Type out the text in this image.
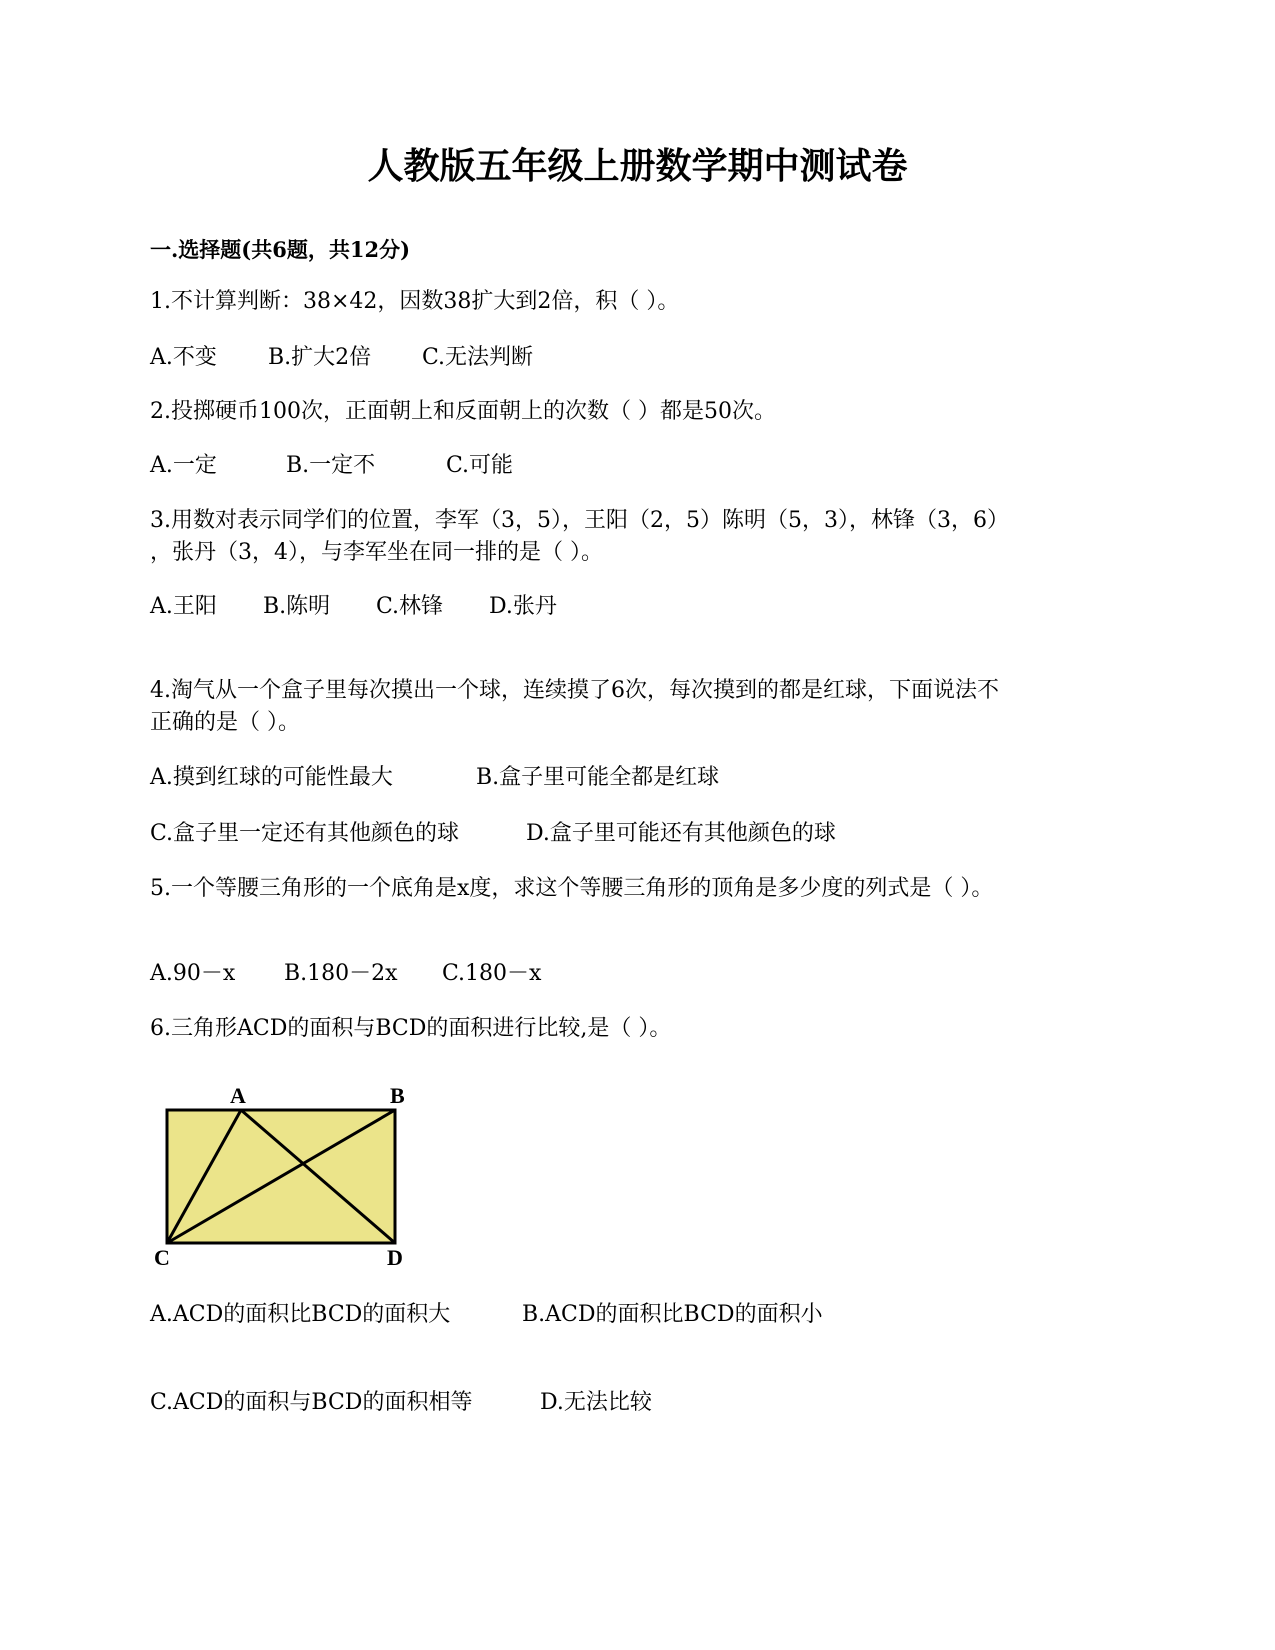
人教版五年级上册数学期中测试卷
一.选择题(共6题，共12分)
1.不计算判断：38×42，因数38扩大到2倍，积（ ）。
A.不变 B.扩大2倍 C.无法判断
2.投掷硬币100次，正面朝上和反面朝上的次数（ ）都是50次。
A.一定	B.一定不	C.可能
3.用数对表示同学们的位置，李军（3，5），王阳（2，5）陈明（5，3），林锋（3，6）
，张丹（3，4），与李军坐在同一排的是（ ）。
A.王阳 B.陈明 C.林锋 D.张丹
4.淘气从一个盒子里每次摸出一个球，连续摸了6次，每次摸到的都是红球，下面说法不
正确的是（ ）。
A.摸到红球的可能性最大	B.盒子里可能全都是红球
C.盒子里一定还有其他颜色的球	D.盒子里可能还有其他颜色的球
5.一个等腰三角形的一个底角是x度，求这个等腰三角形的顶角是多少度的列式是（ ）。
A.90－x B.180－2x C.180－x
6.三角形ACD的面积与BCD的面积进行比较,是（ ）。
A	B
C	D
A.ACD的面积比BCD的面积大	B.ACD的面积比BCD的面积小
C.ACD的面积与BCD的面积相等	D.无法比较
